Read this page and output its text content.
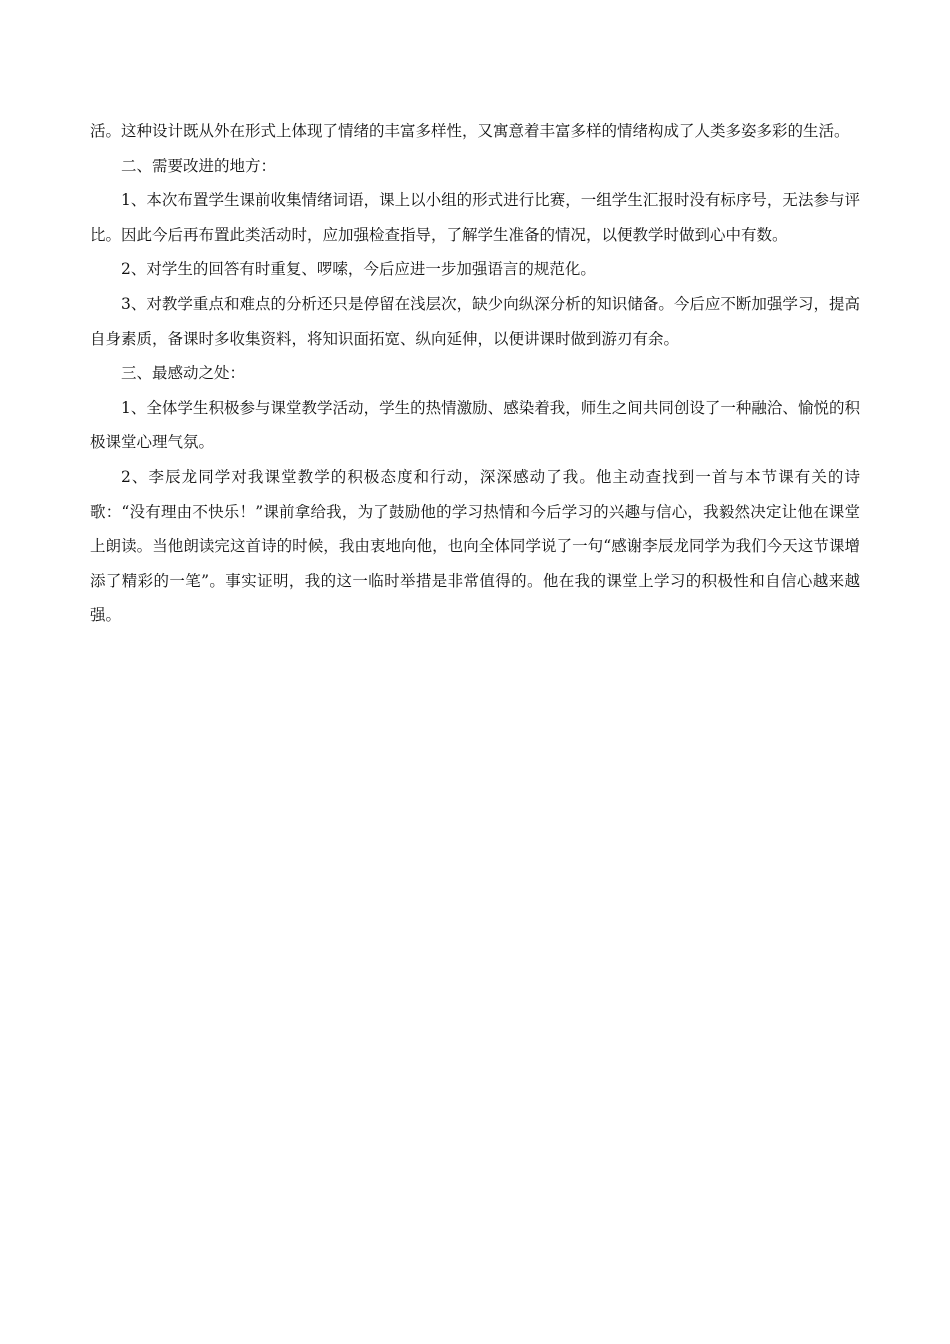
活。这种设计既从外在形式上体现了情绪的丰富多样性，又寓意着丰富多样的情绪构成了人类多姿多彩的生活。

二、需要改进的地方：

1、本次布置学生课前收集情绪词语，课上以小组的形式进行比赛，一组学生汇报时没有标序号，无法参与评比。因此今后再布置此类活动时，应加强检查指导，了解学生准备的情况，以便教学时做到心中有数。

2、对学生的回答有时重复、啰嗦，今后应进一步加强语言的规范化。

3、对教学重点和难点的分析还只是停留在浅层次，缺少向纵深分析的知识储备。今后应不断加强学习，提高自身素质，备课时多收集资料，将知识面拓宽、纵向延伸，以便讲课时做到游刃有余。

三、最感动之处：

1、全体学生积极参与课堂教学活动，学生的热情激励、感染着我，师生之间共同创设了一种融洽、愉悦的积极课堂心理气氛。

2、李辰龙同学对我课堂教学的积极态度和行动，深深感动了我。他主动查找到一首与本节课有关的诗歌：“没有理由不快乐！”课前拿给我，为了鼓励他的学习热情和今后学习的兴趣与信心，我毅然决定让他在课堂上朗读。当他朗读完这首诗的时候，我由衷地向他，也向全体同学说了一句“感谢李辰龙同学为我们今天这节课增添了精彩的一笔”。事实证明，我的这一临时举措是非常值得的。他在我的课堂上学习的积极性和自信心越来越强。
